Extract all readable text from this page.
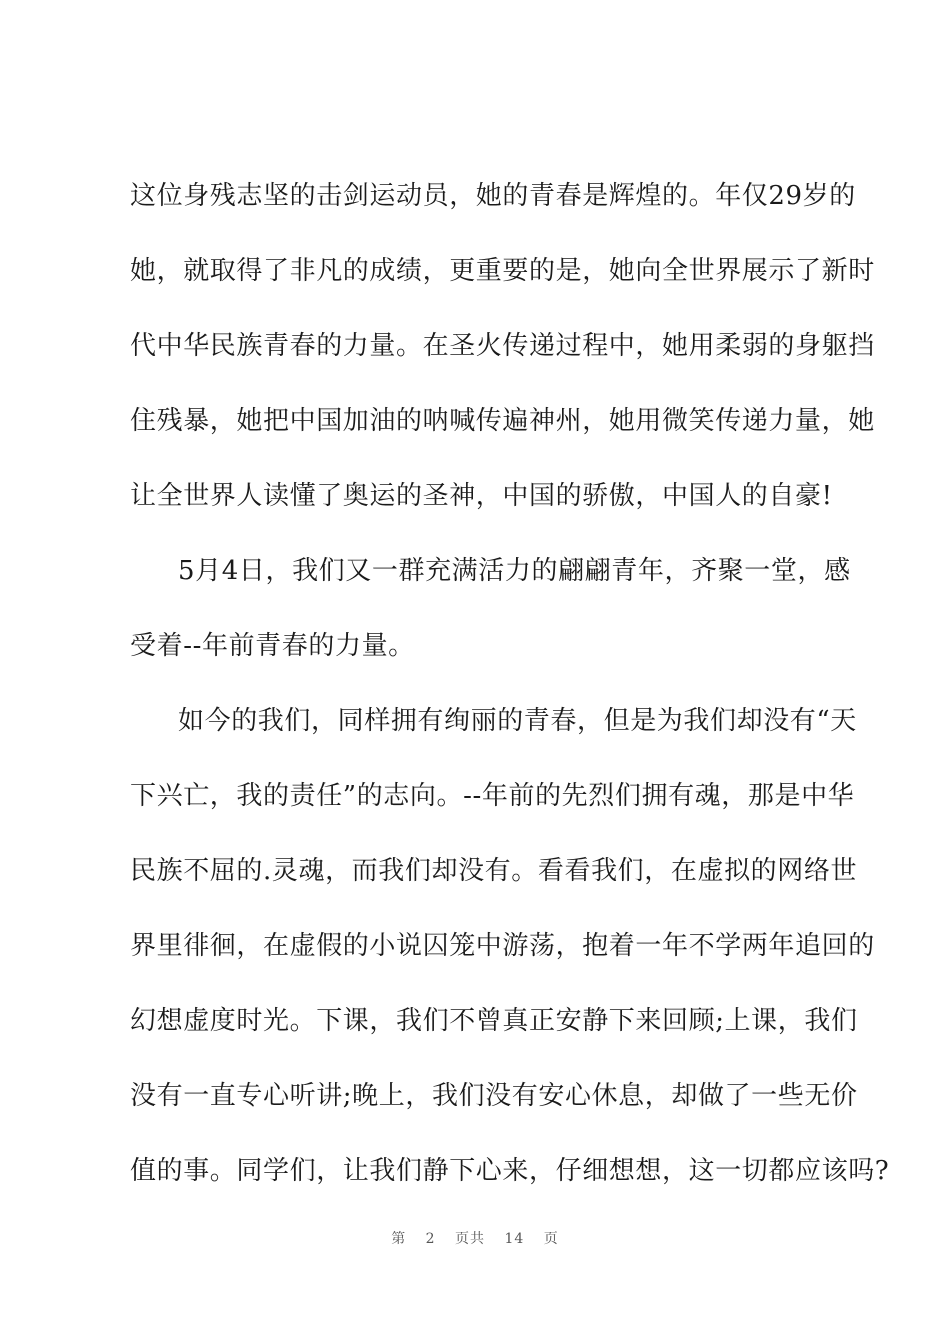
这位身残志坚的击剑运动员，她的青春是辉煌的。年仅29岁的
她，就取得了非凡的成绩，更重要的是，她向全世界展示了新时
代中华民族青春的力量。在圣火传递过程中，她用柔弱的身躯挡
住残暴，她把中国加油的呐喊传遍神州，她用微笑传递力量，她
让全世界人读懂了奥运的圣神，中国的骄傲，中国人的自豪!
5月4日，我们又一群充满活力的翩翩青年，齐聚一堂，感
受着--年前青春的力量。
如今的我们，同样拥有绚丽的青春，但是为我们却没有“天
下兴亡，我的责任”的志向。--年前的先烈们拥有魂，那是中华
民族不屈的.灵魂，而我们却没有。看看我们，在虚拟的网络世
界里徘徊，在虚假的小说囚笼中游荡，抱着一年不学两年追回的
幻想虚度时光。下课，我们不曾真正安静下来回顾;上课，我们
没有一直专心听讲;晚上，我们没有安心休息，却做了一些无价
值的事。同学们，让我们静下心来，仔细想想，这一切都应该吗?
第 2 页共 14 页
